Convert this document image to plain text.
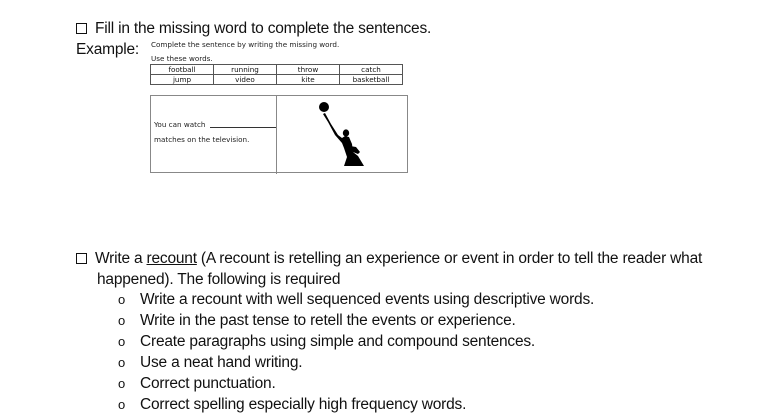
Fill in the missing word to complete the sentences.
Example: Complete the sentence by writing the missing word.
Use these words.
football	running	throw	catch
jump	video	kite	basketball
You can watch
matches on the television.
Write a recount (A recount is retelling an experience or event in order to tell the reader what
happened). The following is required
o Write a recount with well sequenced events using descriptive words.
o Write in the past tense to retell the events or experience.
o Create paragraphs using simple and compound sentences.
o Use a neat hand writing.
o Correct punctuation.
o Correct spelling especially high frequency words.
